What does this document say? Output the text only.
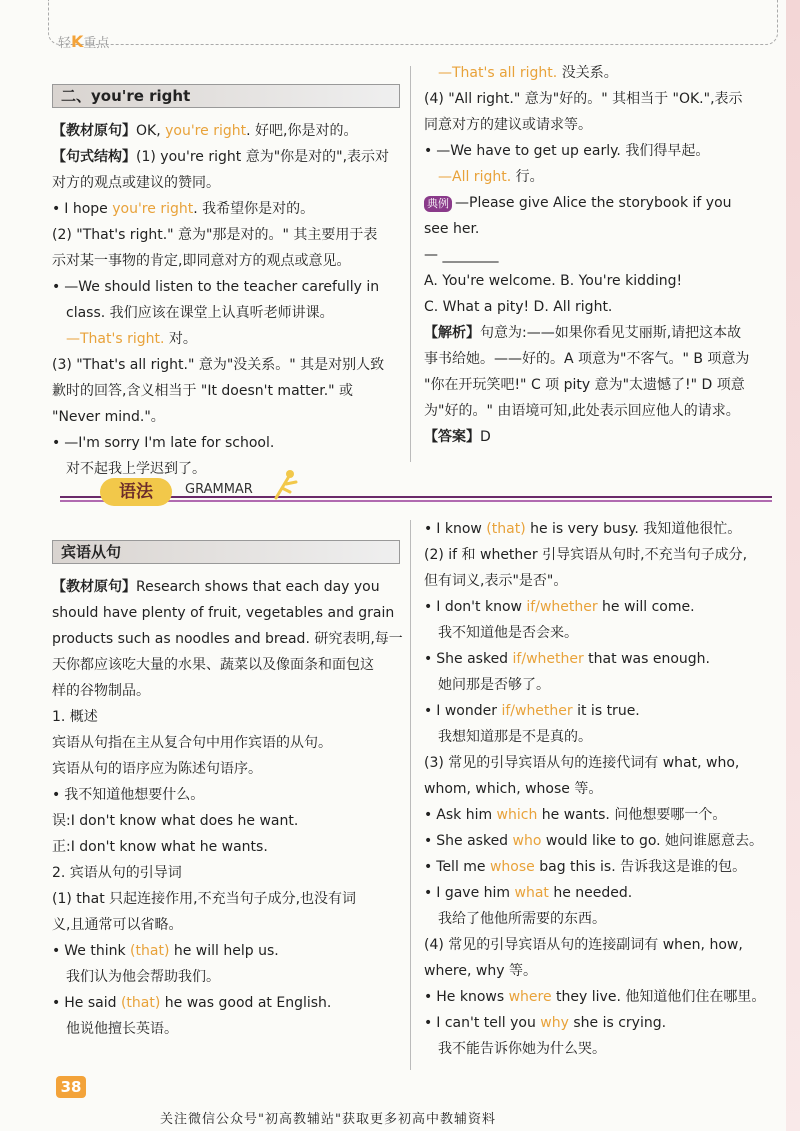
轻K重点
二、you're right
【教材原句】OK, you're right. 好吧,你是对的。
【句式结构】(1) you're right 意为"你是对的",表示对
对方的观点或建议的赞同。
• I hope you're right. 我希望你是对的。
(2) "That's right." 意为"那是对的。" 其主要用于表
示对某一事物的肯定,即同意对方的观点或意见。
• —We should listen to the teacher carefully in
class. 我们应该在课堂上认真听老师讲课。
—That's right. 对。
(3) "That's all right." 意为"没关系。" 其是对别人致
歉时的回答,含义相当于 "It doesn't matter." 或
"Never mind."。
• —I'm sorry I'm late for school.
对不起我上学迟到了。
—That's all right. 没关系。
(4) "All right." 意为"好的。" 其相当于 "OK.",表示
同意对方的建议或请求等。
• —We have to get up early. 我们得早起。
—All right. 行。
典例 —Please give Alice the storybook if you
see her.
— ________
A. You're welcome. B. You're kidding!
C. What a pity! D. All right.
【解析】句意为:——如果你看见艾丽斯,请把这本故
事书给她。——好的。A 项意为"不客气。" B 项意为
"你在开玩笑吧!" C 项 pity 意为"太遗憾了!" D 项意
为"好的。" 由语境可知,此处表示回应他人的请求。
【答案】D
语法	GRAMMAR
宾语从句
【教材原句】Research shows that each day you
should have plenty of fruit, vegetables and grain
products such as noodles and bread. 研究表明,每一
天你都应该吃大量的水果、蔬菜以及像面条和面包这
样的谷物制品。
1. 概述
宾语从句指在主从复合句中用作宾语的从句。
宾语从句的语序应为陈述句语序。
• 我不知道他想要什么。
误:I don't know what does he want.
正:I don't know what he wants.
2. 宾语从句的引导词
(1) that 只起连接作用,不充当句子成分,也没有词
义,且通常可以省略。
• We think (that) he will help us.
我们认为他会帮助我们。
• He said (that) he was good at English.
他说他擅长英语。
• I know (that) he is very busy. 我知道他很忙。
(2) if 和 whether 引导宾语从句时,不充当句子成分,
但有词义,表示"是否"。
• I don't know if/whether he will come.
我不知道他是否会来。
• She asked if/whether that was enough.
她问那是否够了。
• I wonder if/whether it is true.
我想知道那是不是真的。
(3) 常见的引导宾语从句的连接代词有 what, who,
whom, which, whose 等。
• Ask him which he wants. 问他想要哪一个。
• She asked who would like to go. 她问谁愿意去。
• Tell me whose bag this is. 告诉我这是谁的包。
• I gave him what he needed.
我给了他他所需要的东西。
(4) 常见的引导宾语从句的连接副词有 when, how,
where, why 等。
• He knows where they live. 他知道他们住在哪里。
• I can't tell you why she is crying.
我不能告诉你她为什么哭。
38
关注微信公众号"初高教辅站"获取更多初高中教辅资料
